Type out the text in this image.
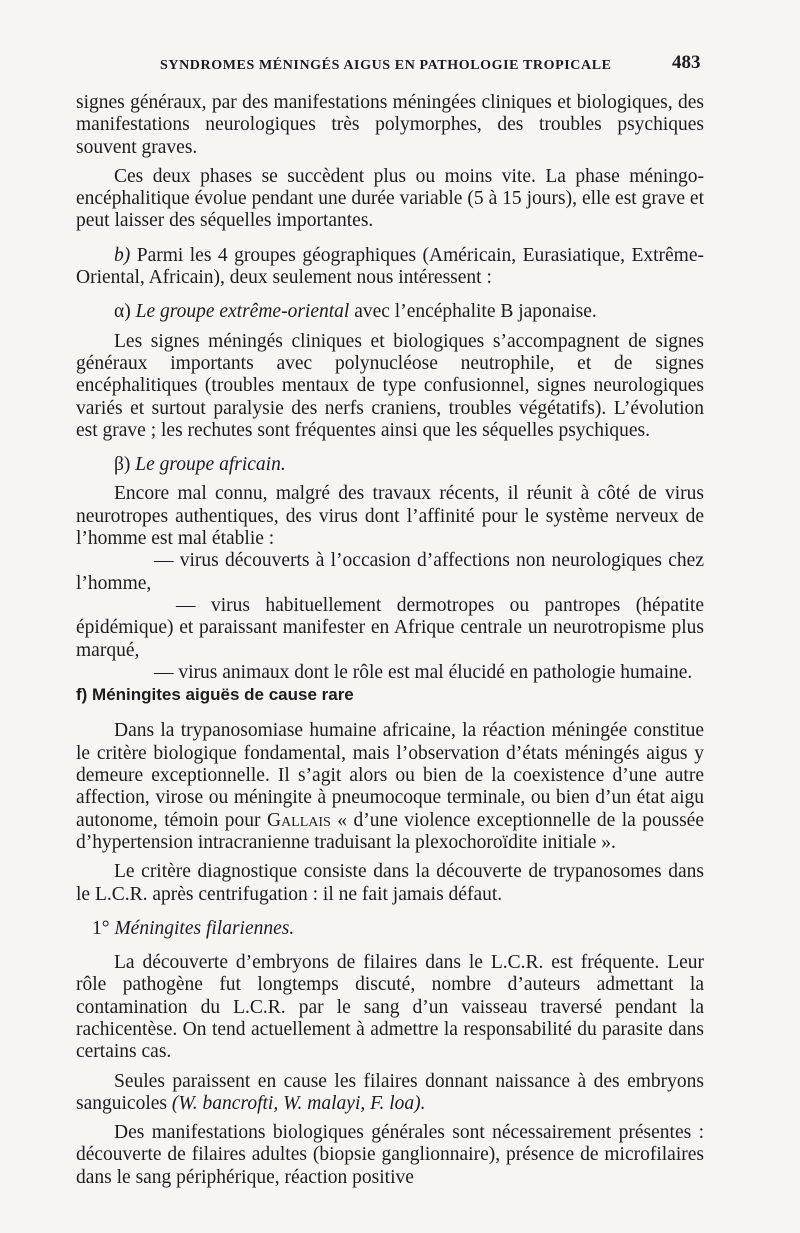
SYNDROMES MÉNINGÉS AIGUS EN PATHOLOGIE TROPICALE	483

signes généraux, par des manifestations méningées cliniques et biologiques, des manifestations neurologiques très polymorphes, des troubles psychiques souvent graves.

Ces deux phases se succèdent plus ou moins vite. La phase méningo-encéphalitique évolue pendant une durée variable (5 à 15 jours), elle est grave et peut laisser des séquelles importantes.

b) Parmi les 4 groupes géographiques (Américain, Eurasiatique, Extrême-Oriental, Africain), deux seulement nous intéressent :

α) Le groupe extrême-oriental avec l’encéphalite B japonaise.

Les signes méningés cliniques et biologiques s’accompagnent de signes généraux importants avec polynucléose neutrophile, et de signes encéphalitiques (troubles mentaux de type confusionnel, signes neurologiques variés et surtout paralysie des nerfs craniens, troubles végétatifs). L’évolution est grave ; les rechutes sont fréquentes ainsi que les séquelles psychiques.

β) Le groupe africain.

Encore mal connu, malgré des travaux récents, il réunit à côté de virus neurotropes authentiques, des virus dont l’affinité pour le système nerveux de l’homme est mal établie :

— virus découverts à l’occasion d’affections non neurologiques chez l’homme,

— virus habituellement dermotropes ou pantropes (hépatite épidémique) et paraissant manifester en Afrique centrale un neurotropisme plus marqué,

— virus animaux dont le rôle est mal élucidé en pathologie humaine.

f) Méningites aiguës de cause rare

Dans la trypanosomiase humaine africaine, la réaction méningée constitue le critère biologique fondamental, mais l’observation d’états méningés aigus y demeure exceptionnelle. Il s’agit alors ou bien de la coexistence d’une autre affection, virose ou méningite à pneumocoque terminale, ou bien d’un état aigu autonome, témoin pour Gallais « d’une violence exceptionnelle de la poussée d’hypertension intracranienne traduisant la plexochoroïdite initiale ».

Le critère diagnostique consiste dans la découverte de trypanosomes dans le L.C.R. après centrifugation : il ne fait jamais défaut.

1° Méningites filariennes.

La découverte d’embryons de filaires dans le L.C.R. est fréquente. Leur rôle pathogène fut longtemps discuté, nombre d’auteurs admettant la contamination du L.C.R. par le sang d’un vaisseau traversé pendant la rachicentèse. On tend actuellement à admettre la responsabilité du parasite dans certains cas.

Seules paraissent en cause les filaires donnant naissance à des embryons sanguicoles (W. bancrofti, W. malayi, F. loa).

Des manifestations biologiques générales sont nécessairement présentes : découverte de filaires adultes (biopsie ganglionnaire), présence de microfilaires dans le sang périphérique, réaction positive
